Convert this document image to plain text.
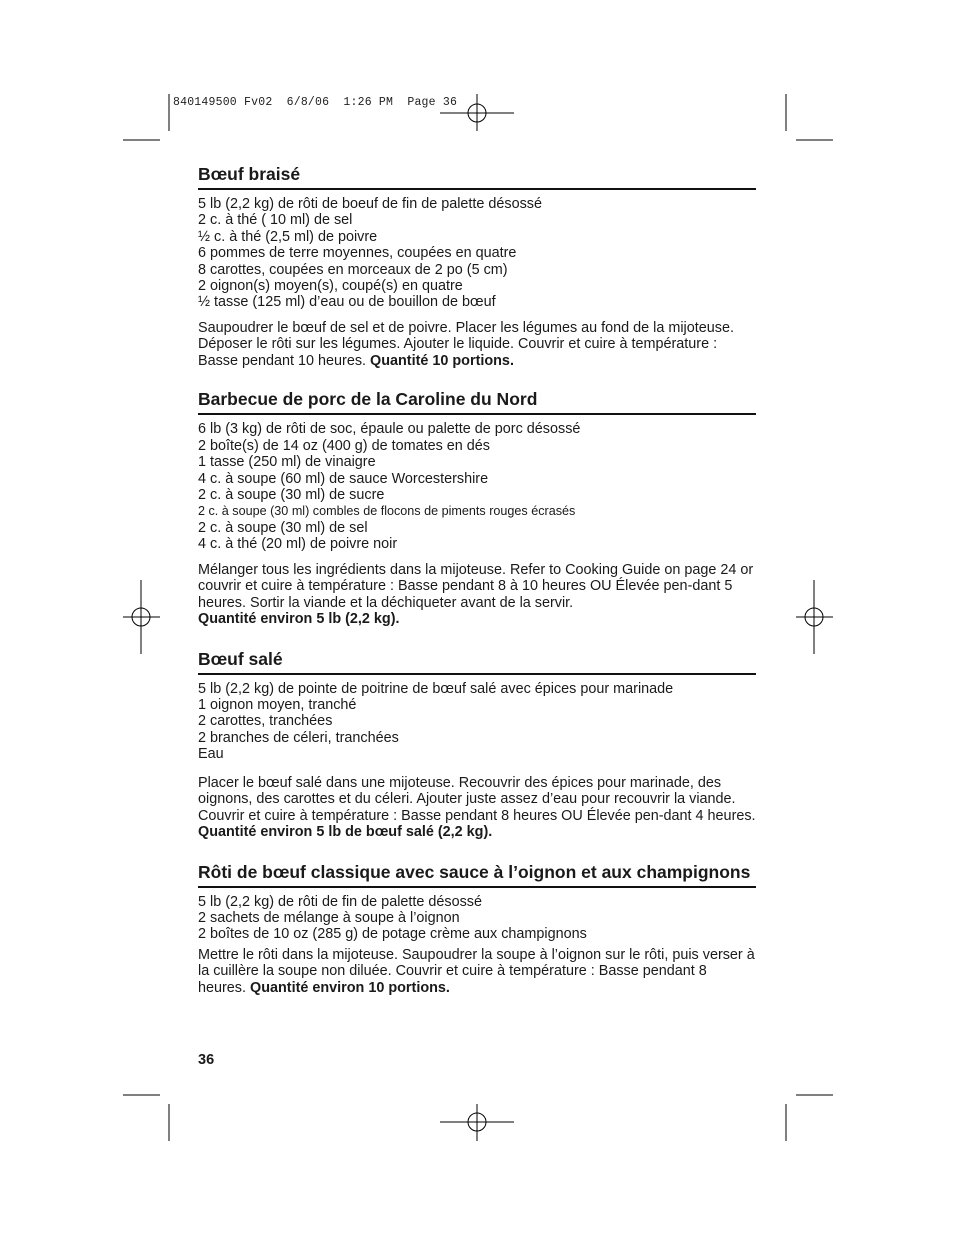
840149500 Fv02  6/8/06  1:26 PM  Page 36
Bœuf braisé
5 lb (2,2 kg) de rôti de boeuf de fin de palette désossé
2 c. à thé ( 10 ml) de sel
½ c. à thé (2,5 ml) de poivre
6 pommes de terre moyennes, coupées en quatre
8 carottes, coupées en morceaux de 2 po (5 cm)
2 oignon(s) moyen(s), coupé(s) en quatre
½ tasse (125 ml) d’eau ou de bouillon de bœuf

Saupoudrer le bœuf de sel et de poivre. Placer les légumes au fond de la mijoteuse. Déposer le rôti sur les légumes. Ajouter le liquide. Couvrir et cuire à température : Basse pendant 10 heures. Quantité 10 portions.

Barbecue de porc de la Caroline du Nord
6 lb (3 kg) de rôti de soc, épaule ou palette de porc désossé
2 boîte(s) de 14 oz (400 g) de tomates en dés
1 tasse (250 ml) de vinaigre
4 c. à soupe (60 ml) de sauce Worcestershire
2 c. à soupe (30 ml) de sucre
2 c. à soupe (30 ml) combles de flocons de piments rouges écrasés
2 c. à soupe (30 ml) de sel
4 c. à thé (20 ml) de poivre noir

Mélanger tous les ingrédients dans la mijoteuse. Refer to Cooking Guide on page 24 or couvrir et cuire à température : Basse pendant 8 à 10 heures OU Élevée pen-dant 5 heures. Sortir la viande et la déchiqueter avant de la servir.
Quantité environ 5 lb (2,2 kg).

Bœuf salé
5 lb (2,2 kg) de pointe de poitrine de bœuf salé avec épices pour marinade
1 oignon moyen, tranché
2 carottes, tranchées
2 branches de céleri, tranchées
Eau

Placer le bœuf salé dans une mijoteuse. Recouvrir des épices pour marinade, des oignons, des carottes et du céleri. Ajouter juste assez d’eau pour recouvrir la viande. Couvrir et cuire à température : Basse pendant 8 heures OU Élevée pen-dant 4 heures. Quantité environ 5 lb de bœuf salé (2,2 kg).

Rôti de bœuf classique avec sauce à l’oignon et aux champignons
5 lb (2,2 kg) de rôti de fin de palette désossé
2 sachets de mélange à soupe à l’oignon
2 boîtes de 10 oz (285 g) de potage crème aux champignons

Mettre le rôti dans la mijoteuse. Saupoudrer la soupe à l’oignon sur le rôti, puis verser à la cuillère la soupe non diluée. Couvrir et cuire à température : Basse pendant 8 heures. Quantité environ 10 portions.

36
